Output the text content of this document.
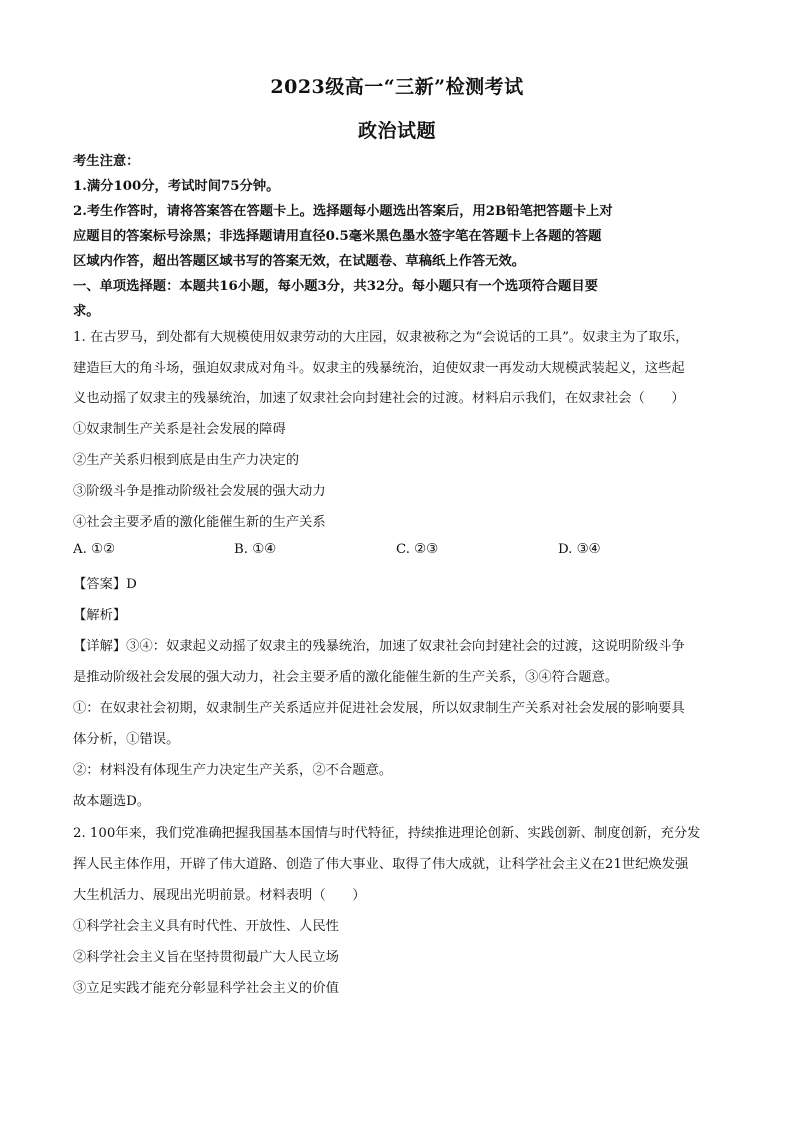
2023级高一“三新”检测考试
政治试题
考生注意：
1.满分100分，考试时间75分钟。
2.考生作答时，请将答案答在答题卡上。选择题每小题选出答案后，用2B铅笔把答题卡上对
应题目的答案标号涂黑；非选择题请用直径0.5毫米黑色墨水签字笔在答题卡上各题的答题
区域内作答，超出答题区域书写的答案无效，在试题卷、草稿纸上作答无效。
一、单项选择题：本题共16小题，每小题3分，共32分。每小题只有一个选项符合题目要
求。
1. 在古罗马，到处都有大规模使用奴隶劳动的大庄园，奴隶被称之为“会说话的工具”。奴隶主为了取乐，
建造巨大的角斗场，强迫奴隶成对角斗。奴隶主的残暴统治，迫使奴隶一再发动大规模武装起义，这些起
义也动摇了奴隶主的残暴统治，加速了奴隶社会向封建社会的过渡。材料启示我们，在奴隶社会（　　）
①奴隶制生产关系是社会发展的障碍
②生产关系归根到底是由生产力决定的
③阶级斗争是推动阶级社会发展的强大动力
④社会主要矛盾的激化能催生新的生产关系
A. ①②	B. ①④	C. ②③	D. ③④
【答案】D
【解析】
【详解】③④：奴隶起义动摇了奴隶主的残暴统治，加速了奴隶社会向封建社会的过渡，这说明阶级斗争
是推动阶级社会发展的强大动力，社会主要矛盾的激化能催生新的生产关系，③④符合题意。
①：在奴隶社会初期，奴隶制生产关系适应并促进社会发展，所以奴隶制生产关系对社会发展的影响要具
体分析，①错误。
②：材料没有体现生产力决定生产关系，②不合题意。
故本题选D。
2. 100年来，我们党准确把握我国基本国情与时代特征，持续推进理论创新、实践创新、制度创新，充分发
挥人民主体作用，开辟了伟大道路、创造了伟大事业、取得了伟大成就，让科学社会主义在21世纪焕发强
大生机活力、展现出光明前景。材料表明（　　）
①科学社会主义具有时代性、开放性、人民性
②科学社会主义旨在坚持贯彻最广大人民立场
③立足实践才能充分彰显科学社会主义的价值
